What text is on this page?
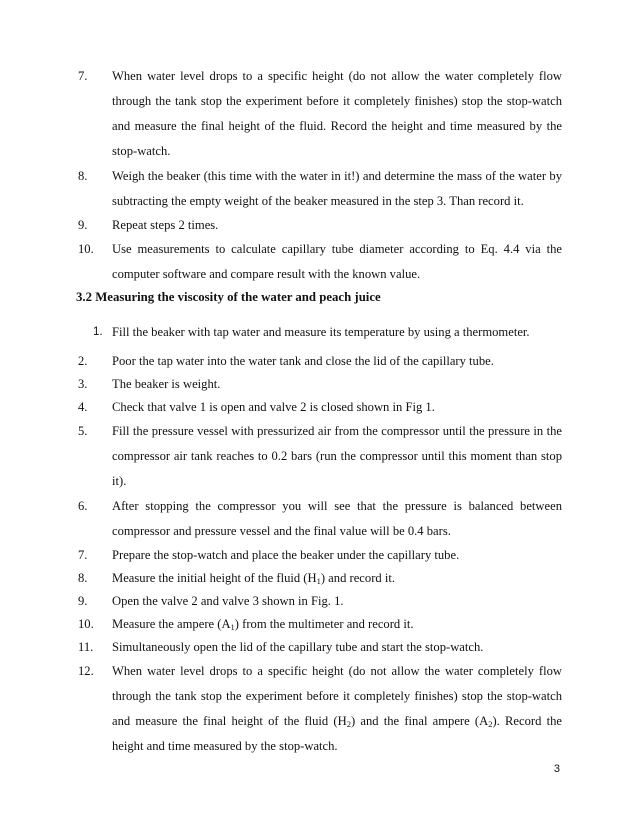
7.	When water level drops to a specific height (do not allow the water completely flow through the tank stop the experiment before it completely finishes) stop the stop-watch and measure the final height of the fluid. Record the height and time measured by the stop-watch.
8.	Weigh the beaker (this time with the water in it!) and determine the mass of the water by subtracting the empty weight of the beaker measured in the step 3. Than record it.
9.	Repeat steps 2 times.
10.	Use measurements to calculate capillary tube diameter according to Eq. 4.4 via the computer software and compare result with the known value.
3.2 Measuring the viscosity of the water and peach juice
1. Fill the beaker with tap water and measure its temperature by using a thermometer.
2.	Poor the tap water into the water tank and close the lid of the capillary tube.
3.	The beaker is weight.
4.	Check that valve 1 is open and valve 2 is closed shown in Fig 1.
5.	Fill the pressure vessel with pressurized air from the compressor until the pressure in the compressor air tank reaches to 0.2 bars (run the compressor until this moment than stop it).
6.	After stopping the compressor you will see that the pressure is balanced between compressor and pressure vessel and the final value will be 0.4 bars.
7.	Prepare the stop-watch and place the beaker under the capillary tube.
8.	Measure the initial height of the fluid $(H_1)$ and record it.
9.	Open the valve 2 and valve 3 shown in Fig. 1.
10.	Measure the ampere $(A_1)$ from the multimeter and record it.
11.	Simultaneously open the lid of the capillary tube and start the stop-watch.
12.	When water level drops to a specific height (do not allow the water completely flow through the tank stop the experiment before it completely finishes) stop the stop-watch and measure the final height of the fluid $(H_2)$ and the final ampere $(A_2)$. Record the height and time measured by the stop-watch.
3
